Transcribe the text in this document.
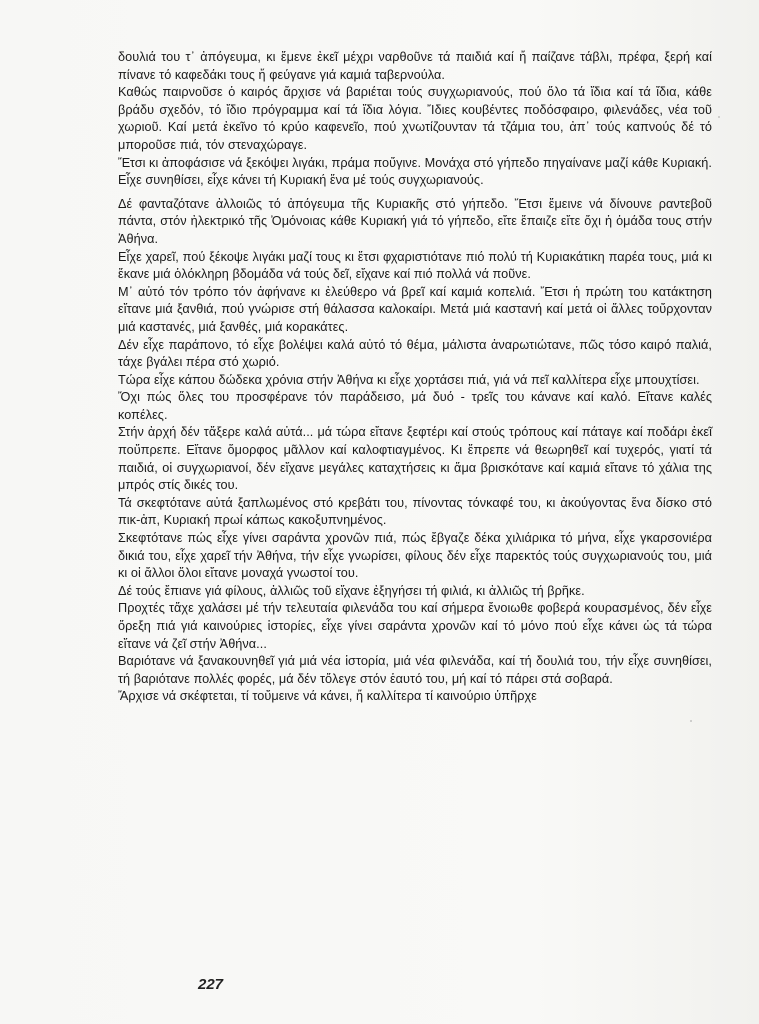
δουλιά του τ᾽ ἀπόγευμα, κι ἔμενε ἐκεῖ μέχρι ναρθοῦνε τά παιδιά καί ἤ παίζανε τάβλι, πρέφα, ξερή καί πίνανε τό καφεδάκι τους ἤ φεύγανε γιά καμιά ταβερνούλα.

Καθώς παιρνοῦσε ὁ καιρός ἄρχισε νά βαριέται τούς συγχωριανούς, πού ὅλο τά ἴδια καί τά ἴδια, κάθε βράδυ σχεδόν, τό ἴδιο πρόγραμμα καί τά ἴδια λόγια. Ἴδιες κουβέντες ποδόσφαιρο, φιλενάδες, νέα τοῦ χωριοῦ. Καί μετά ἐκεῖνο τό κρύο καφενεῖο, πού χνωτίζουνταν τά τζάμια του, ἀπ᾽ τούς καπνούς δέ τό μποροῦσε πιά, τόν στεναχώραγε.

Ἔτσι κι ἀποφάσισε νά ξεκόψει λιγάκι, πράμα ποὔγινε. Μονάχα στό γήπεδο πηγαίνανε μαζί κάθε Κυριακή. Εἶχε συνηθίσει, εἶχε κάνει τή Κυριακή ἕνα μέ τούς συγχωριανούς.

Δέ φανταζότανε ἀλλοιῶς τό ἀπόγευμα τῆς Κυριακῆς στό γήπεδο. Ἔτσι ἔμεινε νά δίνουνε ραντεβοῦ πάντα, στόν ἠλεκτρικό τῆς Ὀμόνοιας κάθε Κυριακή γιά τό γήπεδο, εἴτε ἔπαιζε εἴτε ὄχι ἡ ὁμάδα τους στήν Ἀθήνα.

Εἶχε χαρεῖ, πού ξέκοψε λιγάκι μαζί τους κι ἔτσι φχαριστιότανε πιό πολύ τή Κυριακάτικη παρέα τους, μιά κι ἔκανε μιά ὁλόκληρη βδομάδα νά τούς δεῖ, εἴχανε καί πιό πολλά νά ποῦνε.

Μ᾽ αὐτό τόν τρόπο τόν ἀφήνανε κι ἐλεύθερο νά βρεῖ καί καμιά κοπελιά. Ἔτσι ἡ πρώτη του κατάκτηση εἴτανε μιά ξανθιά, πού γνώρισε στή θάλασσα καλοκαίρι. Μετά μιά καστανή καί μετά οἱ ἄλλες τοὔρχονταν μιά καστανές, μιά ξανθές, μιά κορακάτες.

Δέν εἶχε παράπονο, τό εἶχε βολέψει καλά αὐτό τό θέμα, μάλιστα ἀναρωτιώτανε, πῶς τόσο καιρό παλιά, τάχε βγάλει πέρα στό χωριό.

Τώρα εἶχε κάπου δώδεκα χρόνια στήν Ἀθήνα κι εἶχε χορτάσει πιά, γιά νά πεῖ καλλίτερα εἶχε μπουχτίσει.

Ὄχι πώς ὅλες του προσφέρανε τόν παράδεισο, μά δυό - τρεῖς του κάνανε καί καλό. Εἴτανε καλές κοπέλες.

Στήν ἀρχή δέν τἄξερε καλά αὐτά... μά τώρα εἴτανε ξεφτέρι καί στούς τρόπους καί πάταγε καί ποδάρι ἐκεῖ ποὔπρεπε. Εἴτανε ὅμορφος μᾶλλον καί καλοφτιαγμένος. Κι ἔπρεπε νά θεωρηθεῖ καί τυχερός, γιατί τά παιδιά, οἱ συγχωριανοί, δέν εἴχανε μεγάλες καταχτήσεις κι ἅμα βρισκότανε καί καμιά εἴτανε τό χάλια της μπρός στίς δικές του.

Τά σκεφτότανε αὐτά ξαπλωμένος στό κρεβάτι του, πίνοντας τόνκαφέ του, κι ἀκούγοντας ἕνα δίσκο στό πικ-ἀπ, Κυριακή πρωί κάπως κακοξυπνημένος.

Σκεφτότανε πώς εἶχε γίνει σαράντα χρονῶν πιά, πώς ἔβγαζε δέκα χιλιάρικα τό μήνα, εἶχε γκαρσονιέρα δικιά του, εἶχε χαρεῖ τήν Ἀθήνα, τήν εἶχε γνωρίσει, φίλους δέν εἶχε παρεκτός τούς συγχωριανούς του, μιά κι οἱ ἄλλοι ὅλοι εἴτανε μοναχά γνωστοί του.

Δέ τούς ἔπιανε γιά φίλους, ἀλλιῶς τοῦ εἴχανε ἐξηγήσει τή φιλιά, κι ἀλλιῶς τή βρῆκε.

Προχτές τἄχε χαλάσει μέ τήν τελευταία φιλενάδα του καί σήμερα ἔνοιωθε φοβερά κουρασμένος, δέν εἶχε ὄρεξη πιά γιά καινούριες ἱστορίες, εἶχε γίνει σαράντα χρονῶν καί τό μόνο πού εἶχε κάνει ὡς τά τώρα εἴτανε νά ζεῖ στήν Ἀθήνα...

Βαριότανε νά ξανακουνηθεῖ γιά μιά νέα ἱστορία, μιά νέα φιλενάδα, καί τή δουλιά του, τήν εἶχε συνηθίσει, τή βαριότανε πολλές φορές, μά δέν τὄλεγε στόν ἑαυτό του, μή καί τό πάρει στά σοβαρά.

Ἄρχισε νά σκέφτεται, τί τοὔμεινε νά κάνει, ἤ καλλίτερα τί καινούριο ὑπῆρχε

227
